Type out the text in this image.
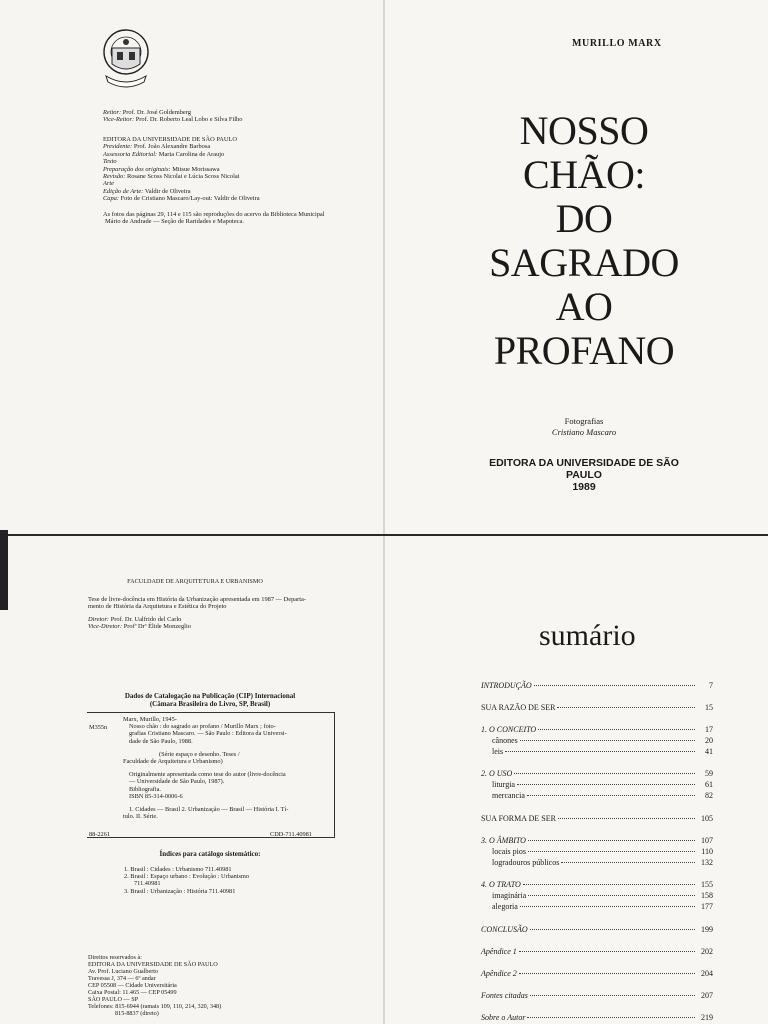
Reitor: Prof. Dr. José Goldemberg
Vice-Reitor: Prof. Dr. Roberto Leal Lobo e Silva Filho
EDITORA DA UNIVERSIDADE DE SÃO PAULO
Presidente: Prof. João Alexandre Barbosa
Assessoria Editorial: Maria Carolina de Araujo
Texto
Preparação dos originais: Mitsue Morissawa
Revisão: Rosane Scoss Nicolai e Lúcia Scoss Nicolai
Arte
Edição de Arte: Valdir de Oliveira
Capa: Foto de Cristiano Mascaro/Lay-out: Valdir de Oliveira
As fotos das páginas 29, 114 e 115 são reproduções do acervo da Biblioteca Municipal
Mário de Andrade — Seção de Raridades e Mapoteca.
MURILLO MARX
NOSSO
CHÃO:
DO
SAGRADO
AO
PROFANO
Fotografias
Cristiano Mascaro
EDITORA DA UNIVERSIDADE DE SÃO PAULO
1989
FACULDADE DE ARQUITETURA E URBANISMO
Tese de livre-docência em História da Urbanização apresentada em 1987 — Departa-
mento de História da Arquitetura e Estética do Projeto
Diretor: Prof. Dr. Ualfrido del Carlo
Vice-Diretor: Profª Drª Élide Monzeglio
Dados de Catalogação na Publicação (CIP) Internacional
(Câmara Brasileira do Livro, SP, Brasil)
M355n
Marx, Murillo, 1945-
Nosso chão : do sagrado ao profano / Murillo Marx ; foto-
grafias Cristiano Mascaro. — São Paulo : Editora da Universi-
dade de São Paulo, 1988.
(Série espaço e desenho. Teses /
Faculdade de Arquitetura e Urbanismo)
Originalmente apresentada como tese do autor (livre-docência
— Universidade de São Paulo, 1987).
Bibliografia.
ISBN 85-314-0006-6
1. Cidades — Brasil 2. Urbanização — Brasil — História I. Tí-
tulo. II. Série.
88-2261	CDD-711.40981
Índices para catálogo sistemático:
1. Brasil : Cidades : Urbanismo 711.40981
2. Brasil : Espaço urbano : Evolução : Urbanismo
711.40981
3. Brasil : Urbanização : História 711.40981
Direitos reservados à:
EDITORA DA UNIVERSIDADE DE SÃO PAULO
Av. Prof. Luciano Gualberto
Travessa J, 374 — 6º andar
CEP 05508 — Cidade Universitária
Caixa Postal: 11.465 — CEP 05499
SÃO PAULO — SP
Telefones: 815-6944 (ramais 109, 110, 214, 320, 348)
815-8837 (direto)
sumário
INTRODUÇÃO	7
SUA RAZÃO DE SER	15
1. O CONCEITO	17
cânones	20
leis	41
2. O USO	59
liturgia	61
mercancia	82
SUA FORMA DE SER	105
3. O ÂMBITO	107
locais pios	110
logradouros públicos	132
4. O TRATO	155
imaginária	158
alegoria	177
CONCLUSÃO	199
Apêndice 1	202
Apêndice 2	204
Fontes citadas	207
Sobre o Autor	219
